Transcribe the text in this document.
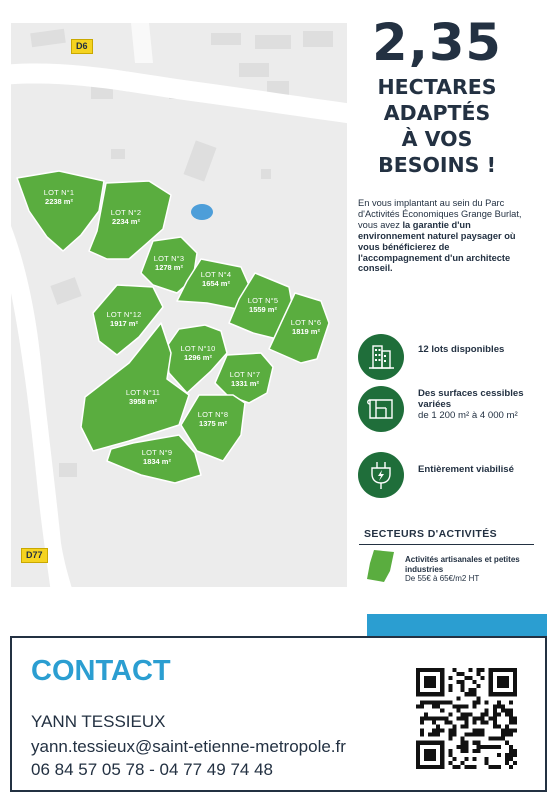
D6
D77
LOT N°1
2238 m²
LOT N°2
2234 m²
LOT N°3
1278 m²
LOT N°4
1654 m²
LOT N°5
1559 m²
LOT N°6
1819 m²
LOT N°7
1331 m²
LOT N°8
1375 m²
LOT N°9
1834 m²
LOT N°10
1296 m²
LOT N°11
3958 m²
LOT N°12
1917 m²
2,35
HECTARES
ADAPTÉS
À VOS
BESOINS !
En vous implantant au sein du Parc d'Activités Économiques Grange Burlat, vous avez la garantie d'un environnement naturel paysager où vous bénéficierez de l'accompagnement d'un architecte conseil.
12 lots disponibles
Des surfaces cessibles variées
de 1 200 m² à 4 000 m²
Entièrement viabilisé
SECTEURS D'ACTIVITÉS
Activités artisanales et petites industries
De 55€ à 65€/m2 HT
CONTACT
YANN TESSIEUX
yann.tessieux@saint-etienne-metropole.fr
06 84 57 05 78 - 04 77 49 74 48
